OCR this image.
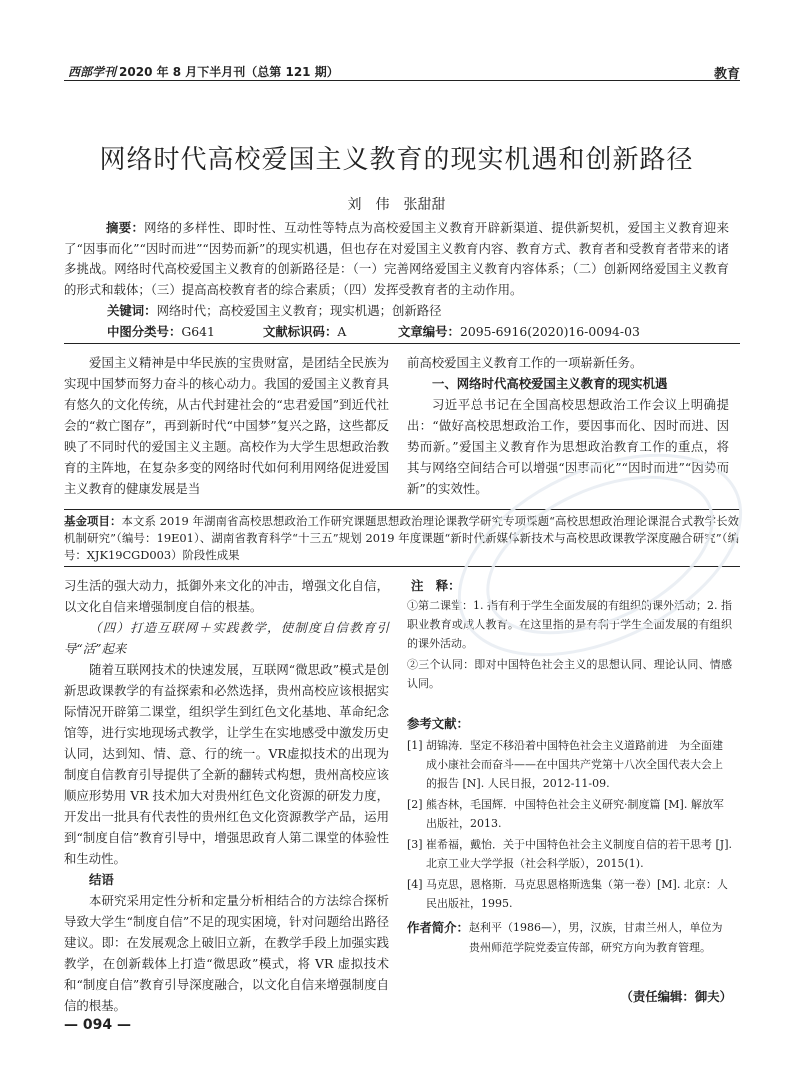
西部学刊 2020 年 8 月下半月刊（总第 121 期）	教育
网络时代高校爱国主义教育的现实机遇和创新路径
刘　伟　张甜甜
摘要：网络的多样性、即时性、互动性等特点为高校爱国主义教育开辟新渠道、提供新契机，爱国主义教育迎来了“因事而化”“因时而进”“因势而新”的现实机遇，但也存在对爱国主义教育内容、教育方式、教育者和受教育者带来的诸多挑战。网络时代高校爱国主义教育的创新路径是：（一）完善网络爱国主义教育内容体系；（二）创新网络爱国主义教育的形式和载体；（三）提高高校教育者的综合素质；（四）发挥受教育者的主动作用。
关键词：网络时代；高校爱国主义教育；现实机遇；创新路径
中图分类号：G641	文献标识码：A	文章编号：2095-6916(2020)16-0094-03

爱国主义精神是中华民族的宝贵财富，是团结全民族为实现中国梦而努力奋斗的核心动力。我国的爱国主义教育具有悠久的文化传统，从古代封建社会的“忠君爱国”到近代社会的“救亡图存”，再到新时代“中国梦”复兴之路，这些都反映了不同时代的爱国主义主题。高校作为大学生思想政治教育的主阵地，在复杂多变的网络时代如何利用网络促进爱国主义教育的健康发展是当

前高校爱国主义教育工作的一项崭新任务。

一、网络时代高校爱国主义教育的现实机遇

习近平总书记在全国高校思想政治工作会议上明确提出：“做好高校思想政治工作，要因事而化、因时而进、因势而新。”爱国主义教育作为思想政治教育工作的重点，将其与网络空间结合可以增强“因事而化”“因时而进”“因势而新”的实效性。

基金项目：本文系 2019 年湖南省高校思想政治工作研究课题思想政治理论课教学研究专项课题“高校思想政治理论课混合式教学长效机制研究”（编号：19E01）、湖南省教育科学“十三五”规划 2019 年度课题“新时代新媒体新技术与高校思政课教学深度融合研究”（编号：XJK19CGD003）阶段性成果

习生活的强大动力，抵御外来文化的冲击，增强文化自信，以文化自信来增强制度自信的根基。

（四）打造互联网＋实践教学，使制度自信教育引导“活”起来

随着互联网技术的快速发展，互联网“微思政”模式是创新思政课教学的有益探索和必然选择，贵州高校应该根据实际情况开辟第二课堂，组织学生到红色文化基地、革命纪念馆等，进行实地现场式教学，让学生在实地感受中激发历史认同，达到知、情、意、行的统一。VR虚拟技术的出现为制度自信教育引导提供了全新的翻转式构想，贵州高校应该顺应形势用 VR 技术加大对贵州红色文化资源的研发力度，开发出一批具有代表性的贵州红色文化资源教学产品，运用到“制度自信”教育引导中，增强思政育人第二课堂的体验性和生动性。

结语

本研究采用定性分析和定量分析相结合的方法综合探析导致大学生“制度自信”不足的现实困境，针对问题给出路径建议。即：在发展观念上破旧立新，在教学手段上加强实践教学，在创新载体上打造“微思政”模式，将 VR 虚拟技术和“制度自信”教育引导深度融合，以文化自信来增强制度自信的根基。

注　释：
①第二课堂：1. 指有利于学生全面发展的有组织的课外活动；2. 指职业教育或成人教育。在这里指的是有利于学生全面发展的有组织的课外活动。
②三个认同：即对中国特色社会主义的思想认同、理论认同、情感认同。
参考文献：
[1] 胡锦涛．坚定不移沿着中国特色社会主义道路前进　为全面建成小康社会而奋斗——在中国共产党第十八次全国代表大会上的报告 [N]. 人民日报，2012-11-09.
[2] 熊杏林，毛国辉．中国特色社会主义研究·制度篇 [M]. 解放军出版社，2013.
[3] 崔希福，戴怡．关于中国特色社会主义制度自信的若干思考 [J]. 北京工业大学学报（社会科学版），2015(1).
[4] 马克思，恩格斯．马克思恩格斯选集（第一卷）[M]. 北京：人民出版社，1995.
作者简介： 赵利平（1986—），男，汉族，甘肃兰州人，单位为贵州师范学院党委宣传部，研究方向为教育管理。
（责任编辑：御夫）
— 094 —
